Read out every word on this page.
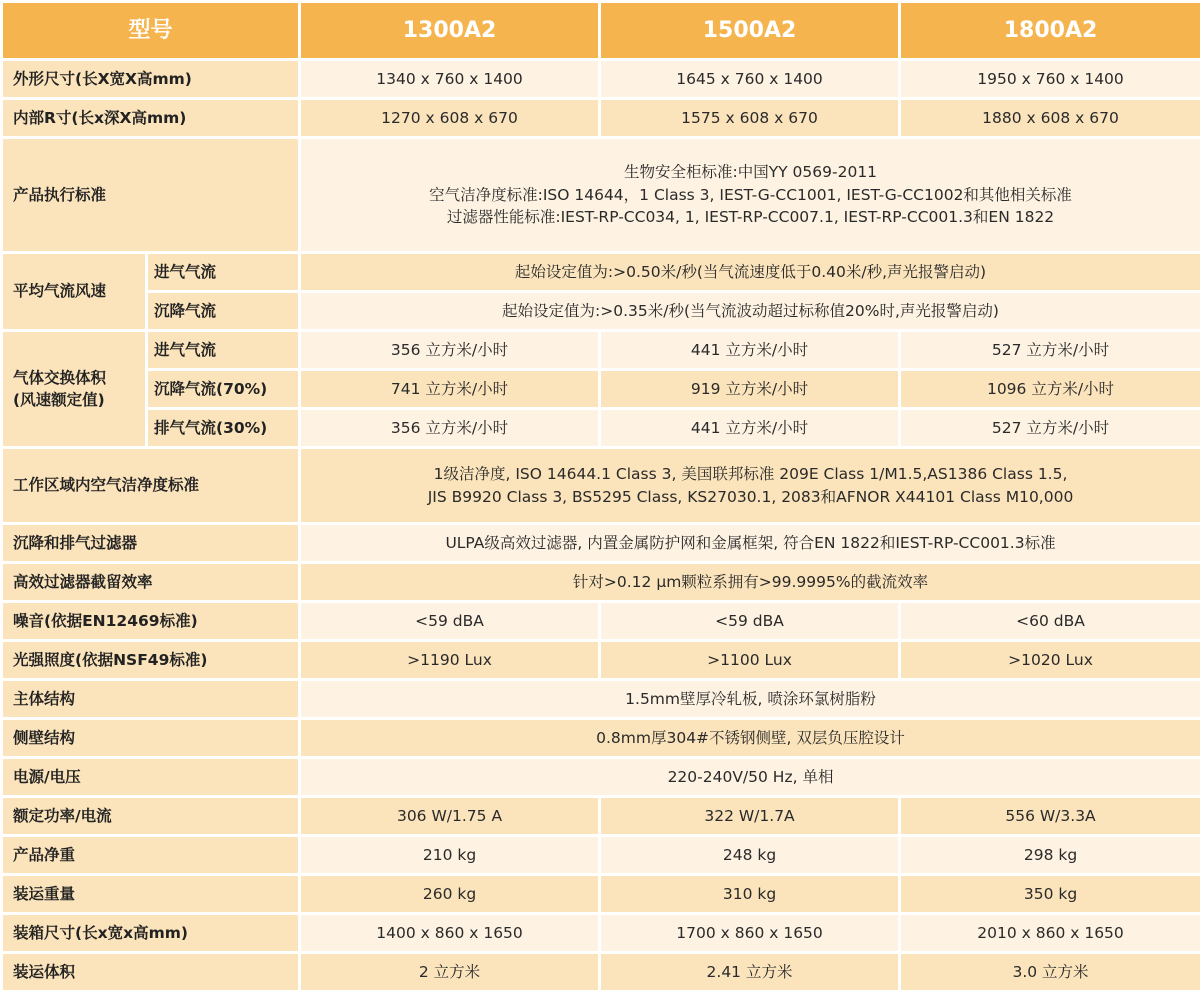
型号		1300A2	1500A2	1800A2
外形尺寸(长X宽X高mm)		1340 x 760 x 1400	1645 x 760 x 1400	1950 x 760 x 1400
内部R寸(长x深X高mm)		1270 x 608 x 670	1575 x 608 x 670	1880 x 608 x 670
产品执行标准		生物安全柜标准:中国YY 0569-2011
空气洁净度标准:ISO 14644，1 Class 3, IEST-G-CC1001, IEST-G-CC1002和其他相关标准
过滤器性能标准:IEST-RP-CC034, 1, IEST-RP-CC007.1, IEST-RP-CC001.3和EN 1822		

平均气流风速	进气气流	起始设定值为:>0.50米/秒(当气流速度低于0.40米/秒,声光报警启动)		
	沉降气流	起始设定值为:>0.35米/秒(当气流波动超过标称值20%时,声光报警启动)		

气体交换体积
(风速额定值)	进气气流	356 立方米/小时	441 立方米/小时	527 立方米/小时
	沉降气流(70%)	741 立方米/小时	919 立方米/小时	1096 立方米/小时
	排气气流(30%)	356 立方米/小时	441 立方米/小时	527 立方米/小时
工作区域内空气洁净度标准		1级洁净度, ISO 14644.1 Class 3, 美国联邦标准 209E Class 1/M1.5,AS1386 Class 1.5,
JIS B9920 Class 3, BS5295 Class, KS27030.1, 2083和AFNOR X44101 Class M10,000		

沉降和排气过滤器		ULPA级高效过滤器, 内置金属防护网和金属框架, 符合EN 1822和IEST-RP-CC001.3标准		
高效过滤器截留效率		针对>0.12 µm颗粒系拥有>99.9995%的截流效率		
噪音(依据EN12469标准)		<59 dBA	<59 dBA	<60 dBA
光强照度(依据NSF49标准)		>1190 Lux	>1100 Lux	>1020 Lux
主体结构		1.5mm壁厚冷轧板, 喷涂环氯树脂粉		
侧壁结构		0.8mm厚304#不锈钢侧壁, 双层负压腔设计		
电源/电压		220-240V/50 Hz, 单相		
额定功率/电流		306 W/1.75 A	322 W/1.7A	556 W/3.3A
产品净重		210 kg	248 kg	298 kg
装运重量		260 kg	310 kg	350 kg
装箱尺寸(长x宽x高mm)		1400 x 860 x 1650	1700 x 860 x 1650	2010 x 860 x 1650
装运体积		2 立方米	2.41 立方米	3.0 立方米
